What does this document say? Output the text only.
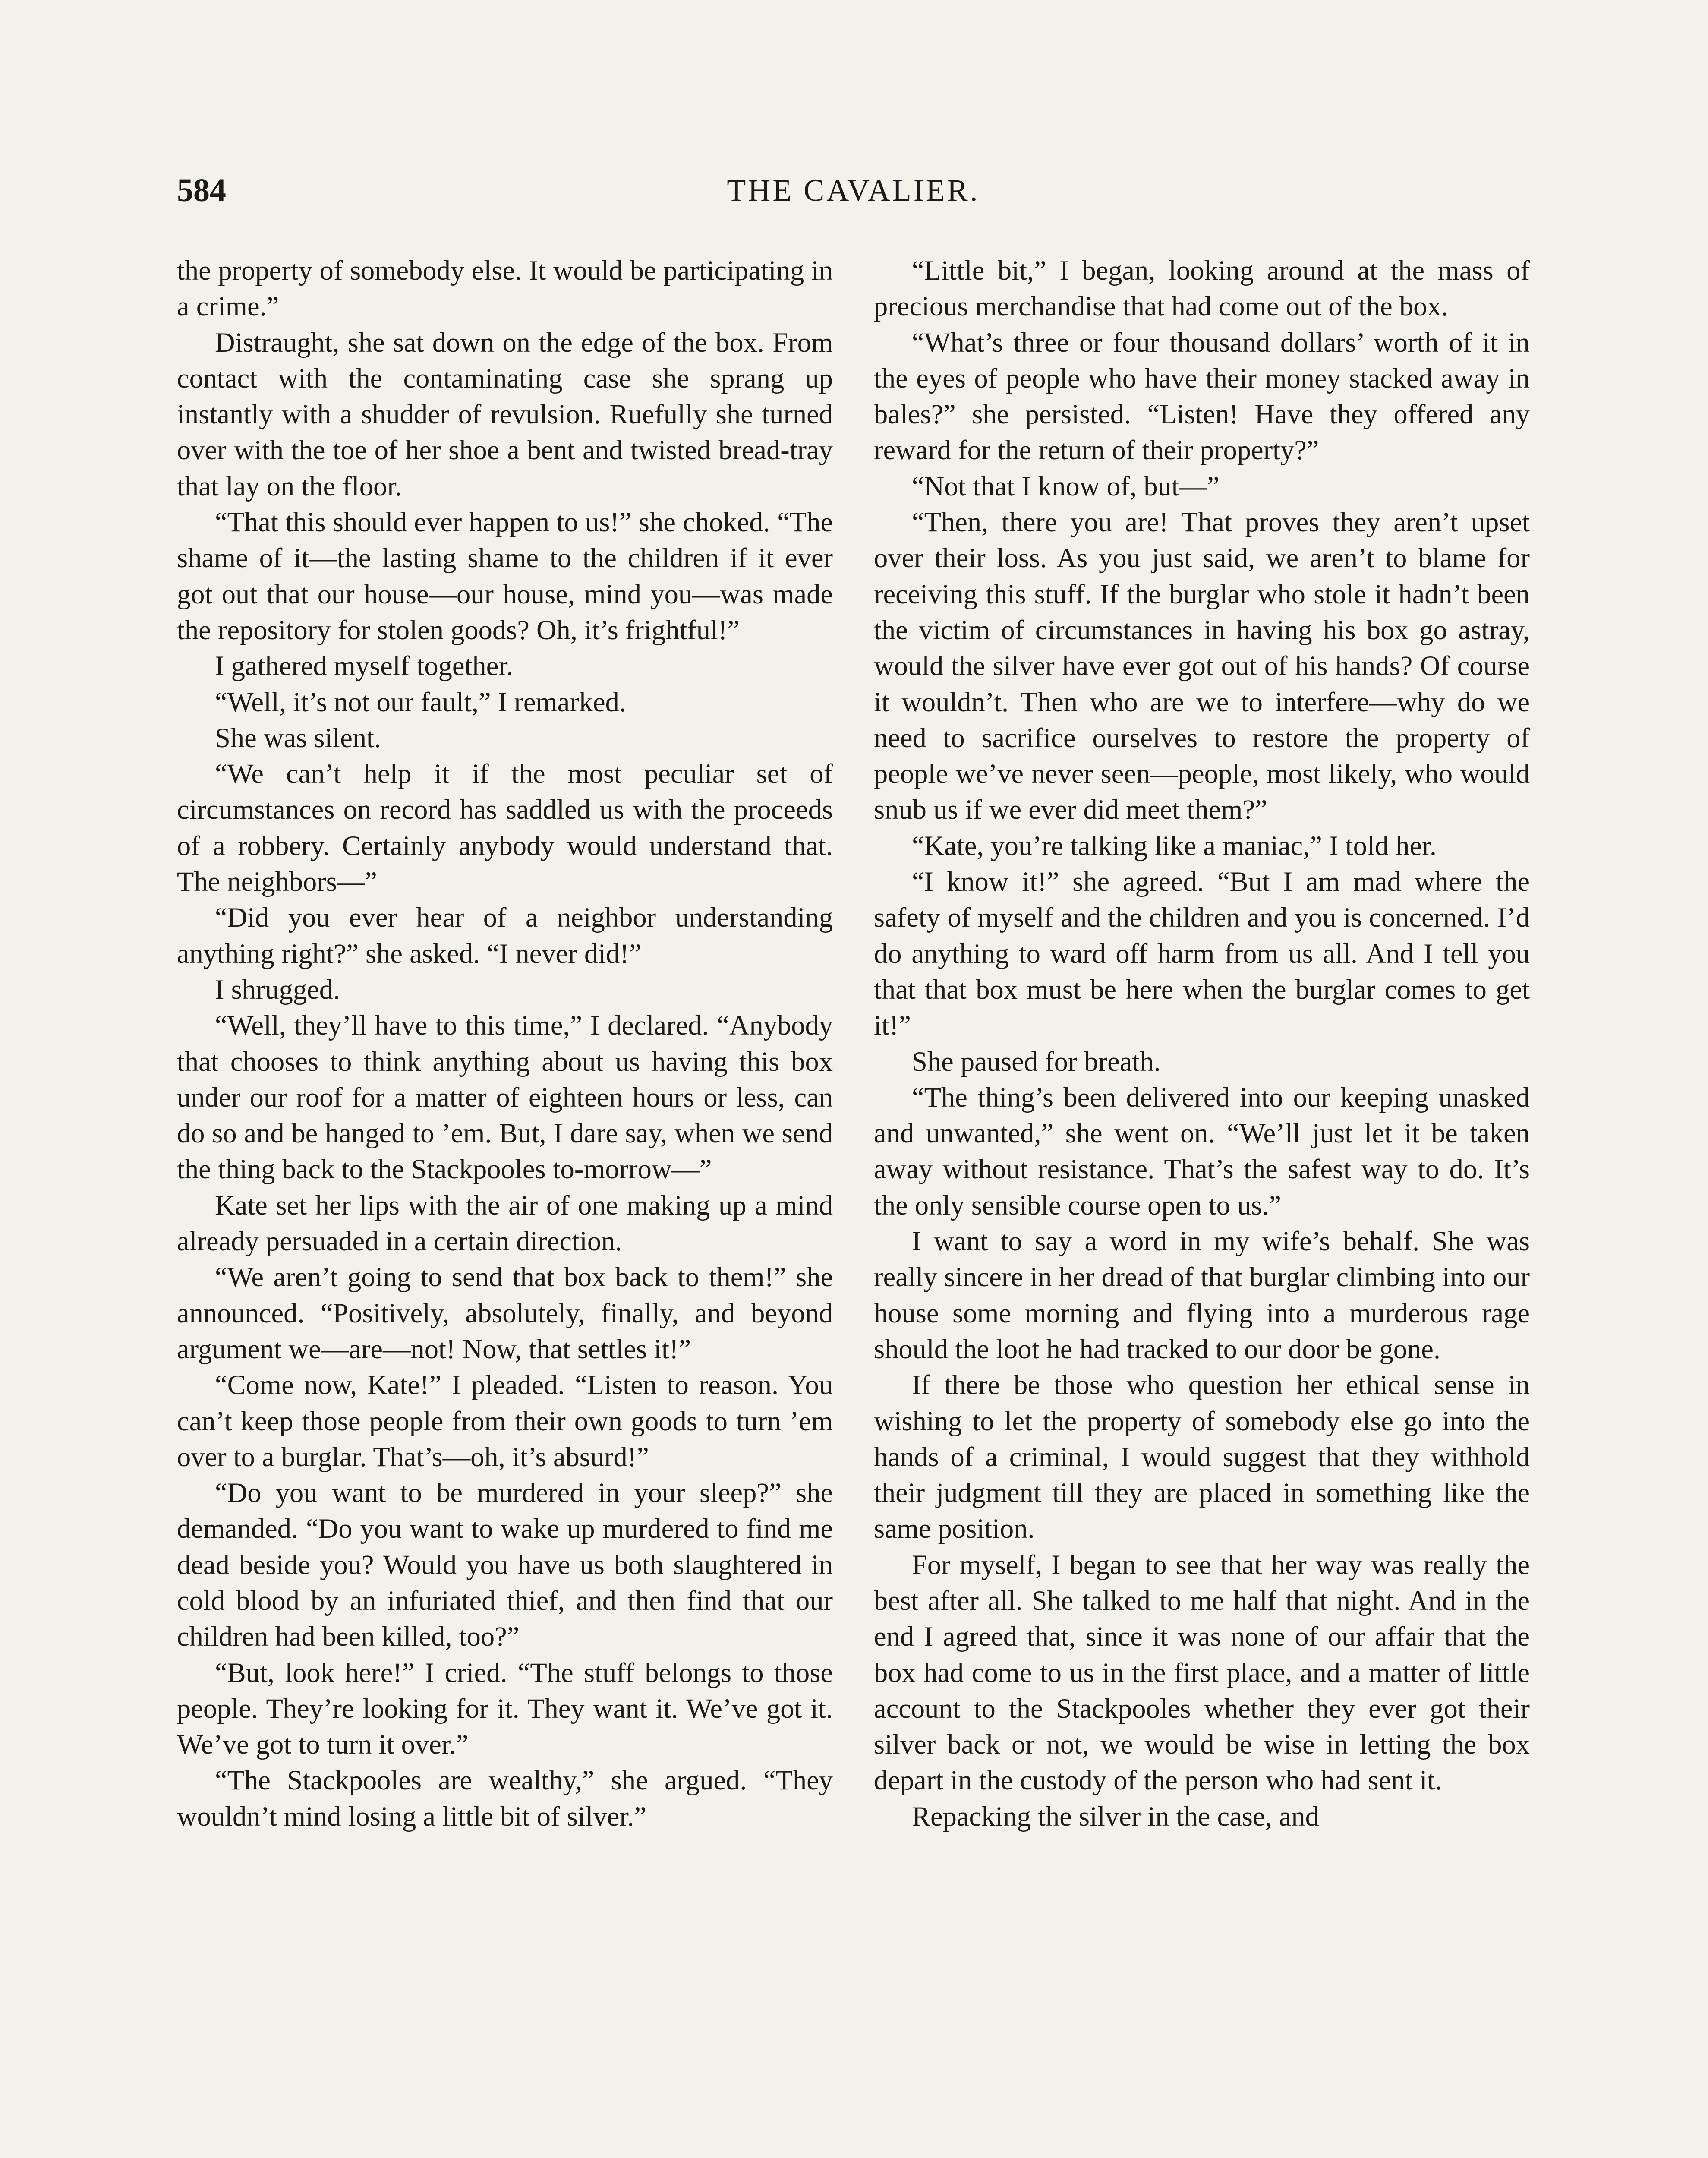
584	THE CAVALIER.

the property of somebody else. It would be participating in a crime.”

Distraught, she sat down on the edge of the box. From contact with the contaminating case she sprang up instantly with a shudder of revulsion. Ruefully she turned over with the toe of her shoe a bent and twisted bread-tray that lay on the floor.

“That this should ever happen to us!” she choked. “The shame of it—the lasting shame to the children if it ever got out that our house—our house, mind you—was made the repository for stolen goods? Oh, it’s frightful!”

I gathered myself together.

“Well, it’s not our fault,” I remarked.

She was silent.

“We can’t help it if the most peculiar set of circumstances on record has saddled us with the proceeds of a robbery. Certainly anybody would understand that. The neighbors—”

“Did you ever hear of a neighbor understanding anything right?” she asked. “I never did!”

I shrugged.

“Well, they’ll have to this time,” I declared. “Anybody that chooses to think anything about us having this box under our roof for a matter of eighteen hours or less, can do so and be hanged to ’em. But, I dare say, when we send the thing back to the Stackpooles to-morrow—”

Kate set her lips with the air of one making up a mind already persuaded in a certain direction.

“We aren’t going to send that box back to them!” she announced. “Positively, absolutely, finally, and beyond argument we—are—not! Now, that settles it!”

“Come now, Kate!” I pleaded. “Listen to reason. You can’t keep those people from their own goods to turn ’em over to a burglar. That’s—oh, it’s absurd!”

“Do you want to be murdered in your sleep?” she demanded. “Do you want to wake up murdered to find me dead beside you? Would you have us both slaughtered in cold blood by an infuriated thief, and then find that our children had been killed, too?”

“But, look here!” I cried. “The stuff belongs to those people. They’re looking for it. They want it. We’ve got it. We’ve got to turn it over.”

“The Stackpooles are wealthy,” she argued. “They wouldn’t mind losing a little bit of silver.”

“Little bit,” I began, looking around at the mass of precious merchandise that had come out of the box.

“What’s three or four thousand dollars’ worth of it in the eyes of people who have their money stacked away in bales?” she persisted. “Listen! Have they offered any reward for the return of their property?”

“Not that I know of, but—”

“Then, there you are! That proves they aren’t upset over their loss. As you just said, we aren’t to blame for receiving this stuff. If the burglar who stole it hadn’t been the victim of circumstances in having his box go astray, would the silver have ever got out of his hands? Of course it wouldn’t. Then who are we to interfere—why do we need to sacrifice ourselves to restore the property of people we’ve never seen—people, most likely, who would snub us if we ever did meet them?”

“Kate, you’re talking like a maniac,” I told her.

“I know it!” she agreed. “But I am mad where the safety of myself and the children and you is concerned. I’d do anything to ward off harm from us all. And I tell you that that box must be here when the burglar comes to get it!”

She paused for breath.

“The thing’s been delivered into our keeping unasked and unwanted,” she went on. “We’ll just let it be taken away without resistance. That’s the safest way to do. It’s the only sensible course open to us.”

I want to say a word in my wife’s behalf. She was really sincere in her dread of that burglar climbing into our house some morning and flying into a murderous rage should the loot he had tracked to our door be gone.

If there be those who question her ethical sense in wishing to let the property of somebody else go into the hands of a criminal, I would suggest that they withhold their judgment till they are placed in something like the same position.

For myself, I began to see that her way was really the best after all. She talked to me half that night. And in the end I agreed that, since it was none of our affair that the box had come to us in the first place, and a matter of little account to the Stackpooles whether they ever got their silver back or not, we would be wise in letting the box depart in the custody of the person who had sent it.

Repacking the silver in the case, and
